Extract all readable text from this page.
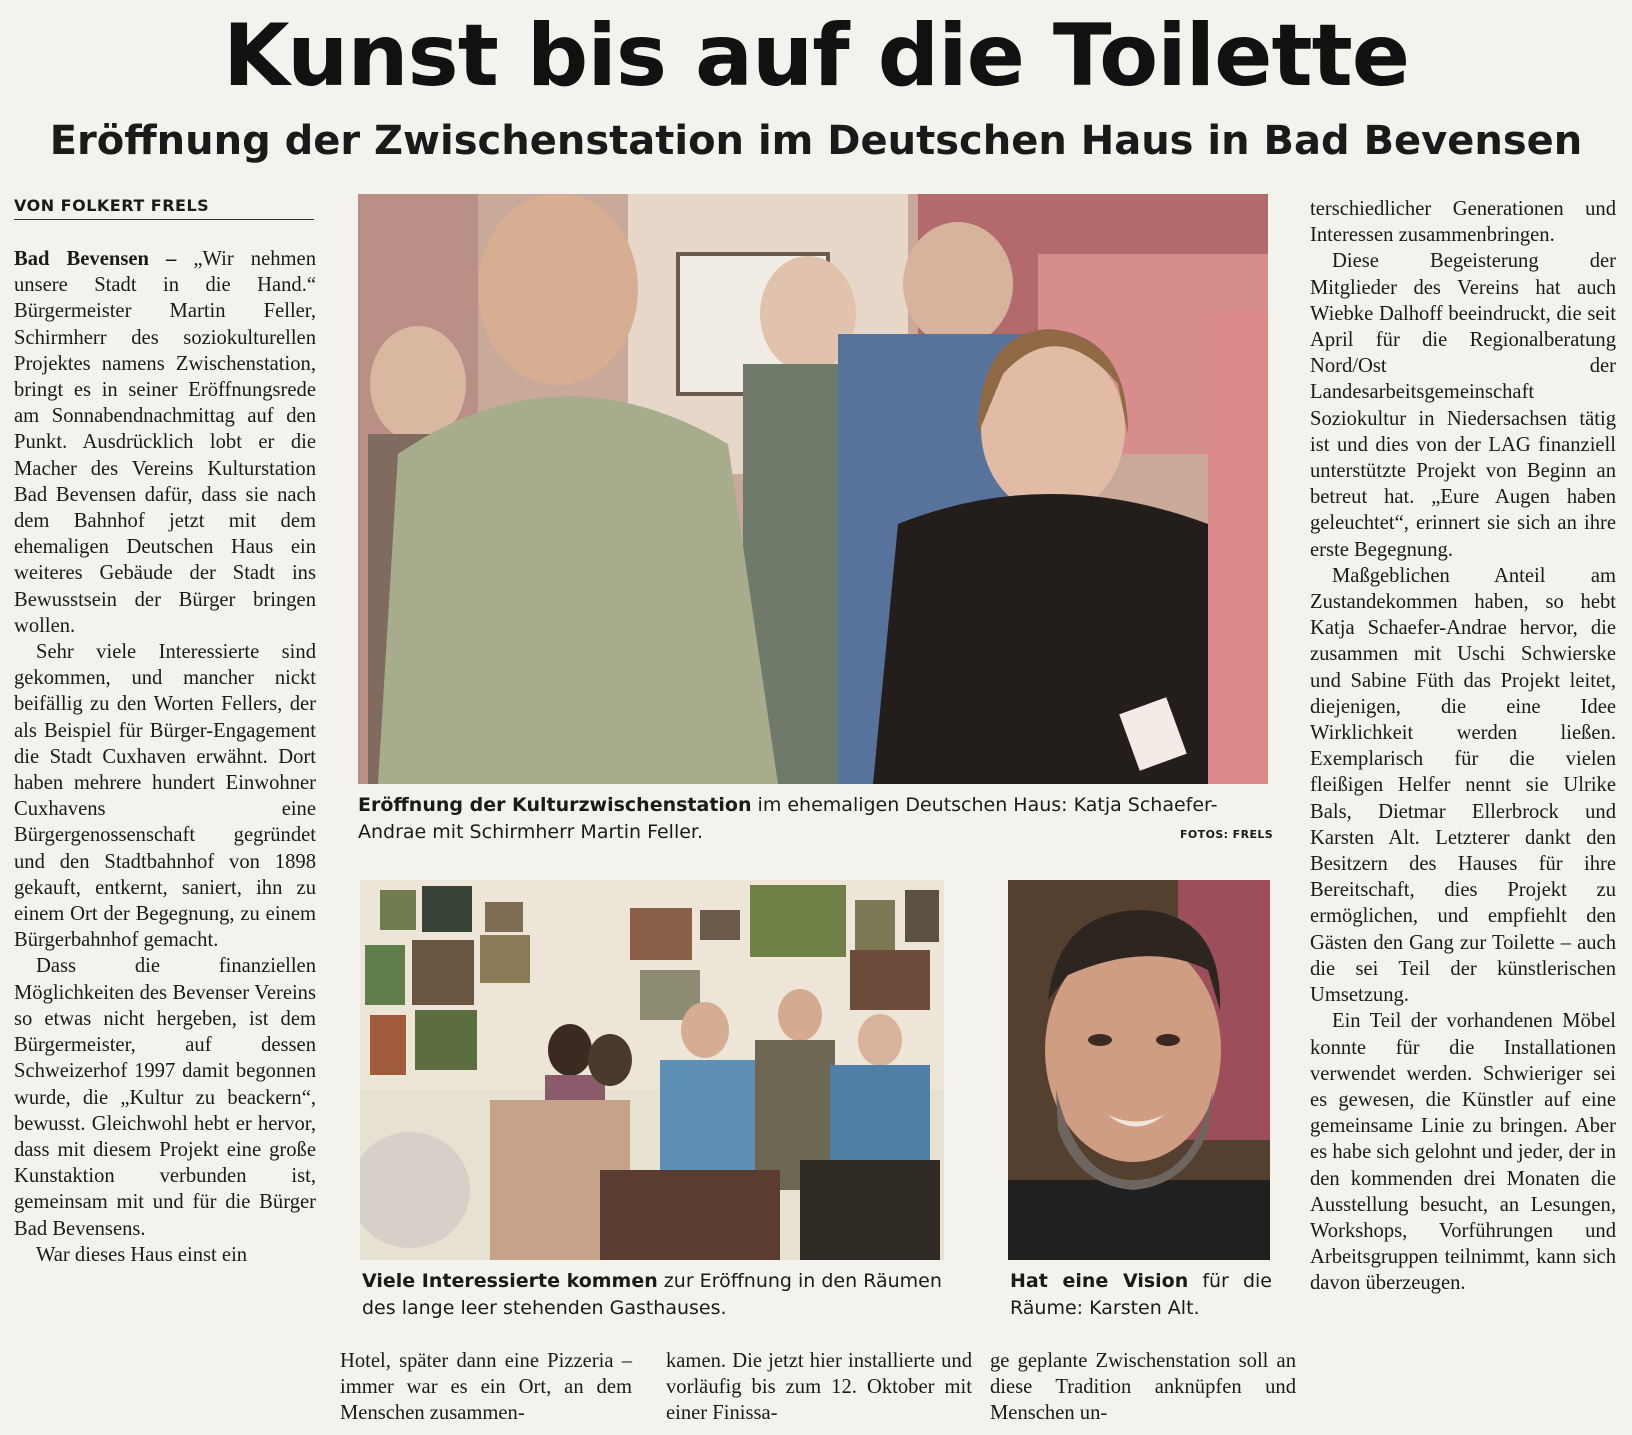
Kunst bis auf die Toilette
Eröffnung der Zwischenstation im Deutschen Haus in Bad Bevensen
VON FOLKERT FRELS

Bad Bevensen – „Wir nehmen unsere Stadt in die Hand.“ Bürgermeister Martin Feller, Schirmherr des soziokulturellen Projektes namens Zwischenstation, bringt es in seiner Eröffnungsrede am Sonnabendnachmittag auf den Punkt. Ausdrücklich lobt er die Macher des Vereins Kulturstation Bad Bevensen dafür, dass sie nach dem Bahnhof jetzt mit dem ehemaligen Deutschen Haus ein weiteres Gebäude der Stadt ins Bewusstsein der Bürger bringen wollen.

Sehr viele Interessierte sind gekommen, und mancher nickt beifällig zu den Worten Fellers, der als Beispiel für Bürger-Engagement die Stadt Cuxhaven erwähnt. Dort haben mehrere hundert Einwohner Cuxhavens eine Bürgergenossenschaft gegründet und den Stadtbahnhof von 1898 gekauft, entkernt, saniert, ihn zu einem Ort der Begegnung, zu einem Bürgerbahnhof gemacht.

Dass die finanziellen Möglichkeiten des Bevenser Vereins so etwas nicht hergeben, ist dem Bürgermeister, auf dessen Schweizerhof 1997 damit begonnen wurde, die „Kultur zu beackern“, bewusst. Gleichwohl hebt er hervor, dass mit diesem Projekt eine große Kunstaktion verbunden ist, gemeinsam mit und für die Bürger Bad Bevensens.

War dieses Haus einst ein

Eröffnung der Kulturzwischenstation im ehemaligen Deutschen Haus: Katja Schaefer-Andrae mit Schirmherr Martin Feller.	FOTOS: FRELS
Viele Interessierte kommen zur Eröffnung in den Räumen des lange leer stehenden Gasthauses.
Hat eine Vision für die Räume: Karsten Alt.

Hotel, später dann eine Pizzeria – immer war es ein Ort, an dem Menschen zusammen-

kamen. Die jetzt hier installierte und vorläufig bis zum 12. Oktober mit einer Finissa-

ge geplante Zwischenstation soll an diese Tradition anknüpfen und Menschen un-

terschiedlicher Generationen und Interessen zusammenbringen.

Diese Begeisterung der Mitglieder des Vereins hat auch Wiebke Dalhoff beeindruckt, die seit April für die Regionalberatung Nord/Ost der Landesarbeitsgemeinschaft Soziokultur in Niedersachsen tätig ist und dies von der LAG finanziell unterstützte Projekt von Beginn an betreut hat. „Eure Augen haben geleuchtet“, erinnert sie sich an ihre erste Begegnung.

Maßgeblichen Anteil am Zustandekommen haben, so hebt Katja Schaefer-Andrae hervor, die zusammen mit Uschi Schwierske und Sabine Füth das Projekt leitet, diejenigen, die eine Idee Wirklichkeit werden ließen. Exemplarisch für die vielen fleißigen Helfer nennt sie Ulrike Bals, Dietmar Ellerbrock und Karsten Alt. Letzterer dankt den Besitzern des Hauses für ihre Bereitschaft, dies Projekt zu ermöglichen, und empfiehlt den Gästen den Gang zur Toilette – auch die sei Teil der künstlerischen Umsetzung.

Ein Teil der vorhandenen Möbel konnte für die Installationen verwendet werden. Schwieriger sei es gewesen, die Künstler auf eine gemeinsame Linie zu bringen. Aber es habe sich gelohnt und jeder, der in den kommenden drei Monaten die Ausstellung besucht, an Lesungen, Workshops, Vorführungen und Arbeitsgruppen teilnimmt, kann sich davon überzeugen.
